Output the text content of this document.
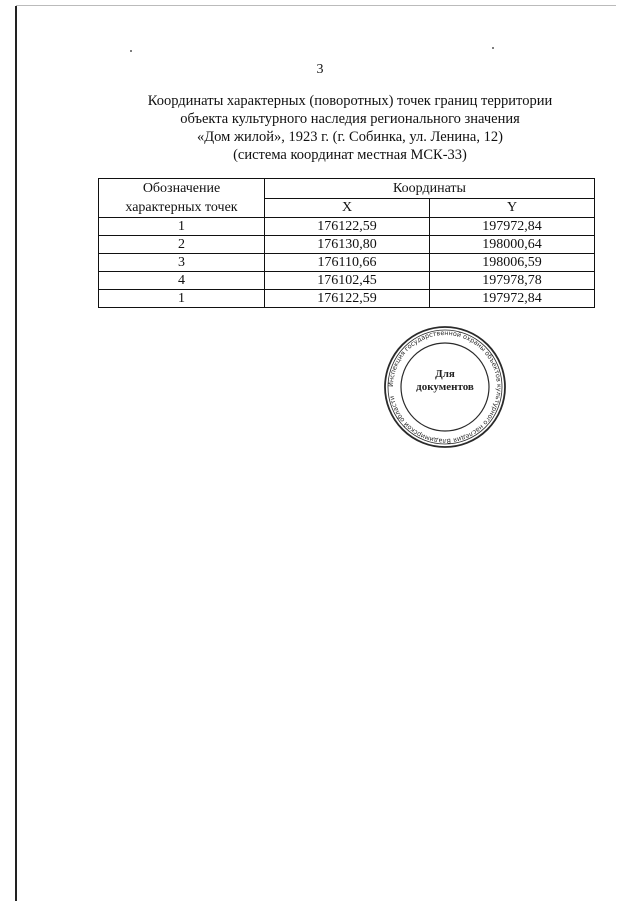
3
Координаты характерных (поворотных) точек границ территории
объекта культурного наследия регионального значения
«Дом жилой», 1923 г. (г. Собинка, ул. Ленина, 12)
(система координат местная МСК-33)
Обозначение
характерных точек	Координаты	
	X	Y
1	176122,59	197972,84
2	176130,80	198000,64
3	176110,66	198006,59
4	176102,45	197978,78
1	176122,59	197972,84
Инспекция государственной охраны объектов культурного наследия Владимирской области
Для
документов
